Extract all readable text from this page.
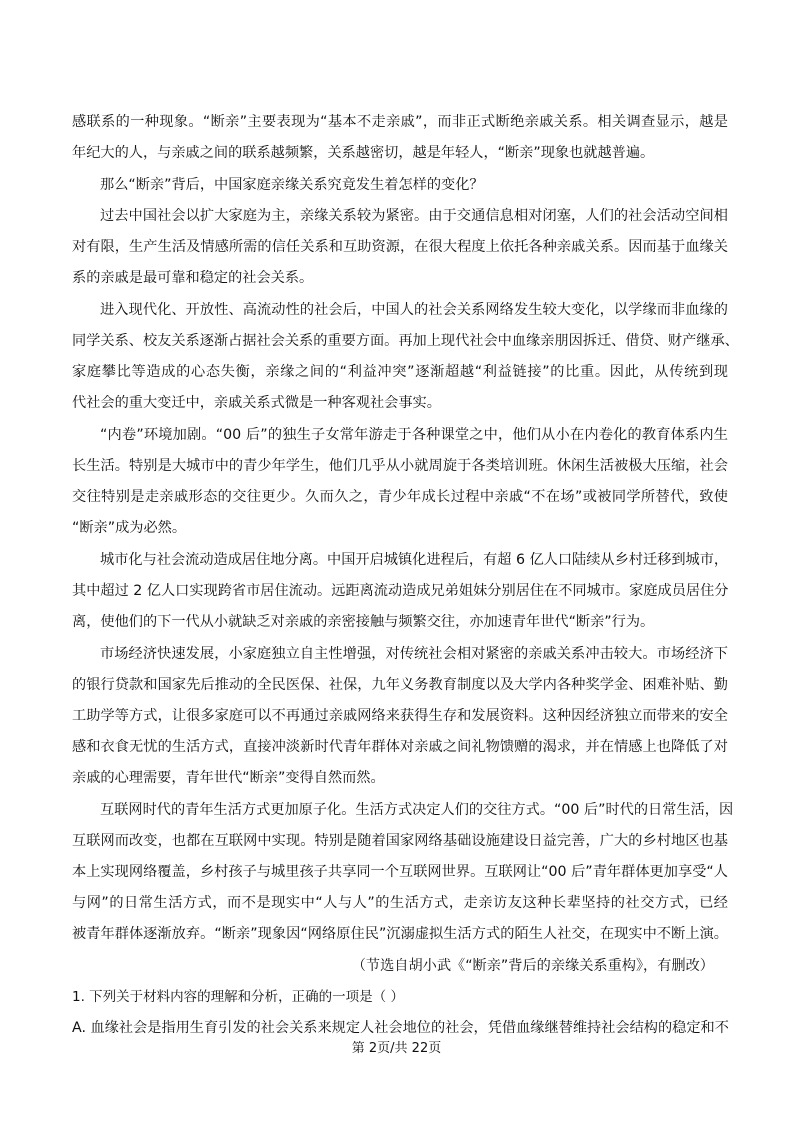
感联系的一种现象。“断亲”主要表现为“基本不走亲戚”，而非正式断绝亲戚关系。相关调查显示，越是
年纪大的人，与亲戚之间的联系越频繁，关系越密切，越是年轻人，“断亲”现象也就越普遍。
那么“断亲”背后，中国家庭亲缘关系究竟发生着怎样的变化？
过去中国社会以扩大家庭为主，亲缘关系较为紧密。由于交通信息相对闭塞，人们的社会活动空间相
对有限，生产生活及情感所需的信任关系和互助资源，在很大程度上依托各种亲戚关系。因而基于血缘关
系的亲戚是最可靠和稳定的社会关系。
进入现代化、开放性、高流动性的社会后，中国人的社会关系网络发生较大变化，以学缘而非血缘的
同学关系、校友关系逐渐占据社会关系的重要方面。再加上现代社会中血缘亲朋因拆迁、借贷、财产继承、
家庭攀比等造成的心态失衡，亲缘之间的“利益冲突”逐渐超越“利益链接”的比重。因此，从传统到现
代社会的重大变迁中，亲戚关系式微是一种客观社会事实。
“内卷”环境加剧。“00 后”的独生子女常年游走于各种课堂之中，他们从小在内卷化的教育体系内生
长生活。特别是大城市中的青少年学生，他们几乎从小就周旋于各类培训班。休闲生活被极大压缩，社会
交往特别是走亲戚形态的交往更少。久而久之，青少年成长过程中亲戚“不在场”或被同学所替代，致使
“断亲”成为必然。
城市化与社会流动造成居住地分离。中国开启城镇化进程后，有超 6 亿人口陆续从乡村迁移到城市，
其中超过 2 亿人口实现跨省市居住流动。远距离流动造成兄弟姐妹分别居住在不同城市。家庭成员居住分
离，使他们的下一代从小就缺乏对亲戚的亲密接触与频繁交往，亦加速青年世代“断亲”行为。
市场经济快速发展，小家庭独立自主性增强，对传统社会相对紧密的亲戚关系冲击较大。市场经济下
的银行贷款和国家先后推动的全民医保、社保，九年义务教育制度以及大学内各种奖学金、困难补贴、勤
工助学等方式，让很多家庭可以不再通过亲戚网络来获得生存和发展资料。这种因经济独立而带来的安全
感和衣食无忧的生活方式，直接冲淡新时代青年群体对亲戚之间礼物馈赠的渴求，并在情感上也降低了对
亲戚的心理需要，青年世代“断亲”变得自然而然。
互联网时代的青年生活方式更加原子化。生活方式决定人们的交往方式。“00 后”时代的日常生活，因
互联网而改变，也都在互联网中实现。特别是随着国家网络基础设施建设日益完善，广大的乡村地区也基
本上实现网络覆盖，乡村孩子与城里孩子共享同一个互联网世界。互联网让“00 后”青年群体更加享受“人
与网”的日常生活方式，而不是现实中“人与人”的生活方式，走亲访友这种长辈坚持的社交方式，已经
被青年群体逐渐放弃。“断亲”现象因“网络原住民”沉溺虚拟生活方式的陌生人社交，在现实中不断上演。
（节选自胡小武《“断亲”背后的亲缘关系重构》，有删改）
1. 下列关于材料内容的理解和分析，正确的一项是（ ）
A. 血缘社会是指用生育引发的社会关系来规定人社会地位的社会，凭借血缘继替维持社会结构的稳定和不
第 2页/共 22页
